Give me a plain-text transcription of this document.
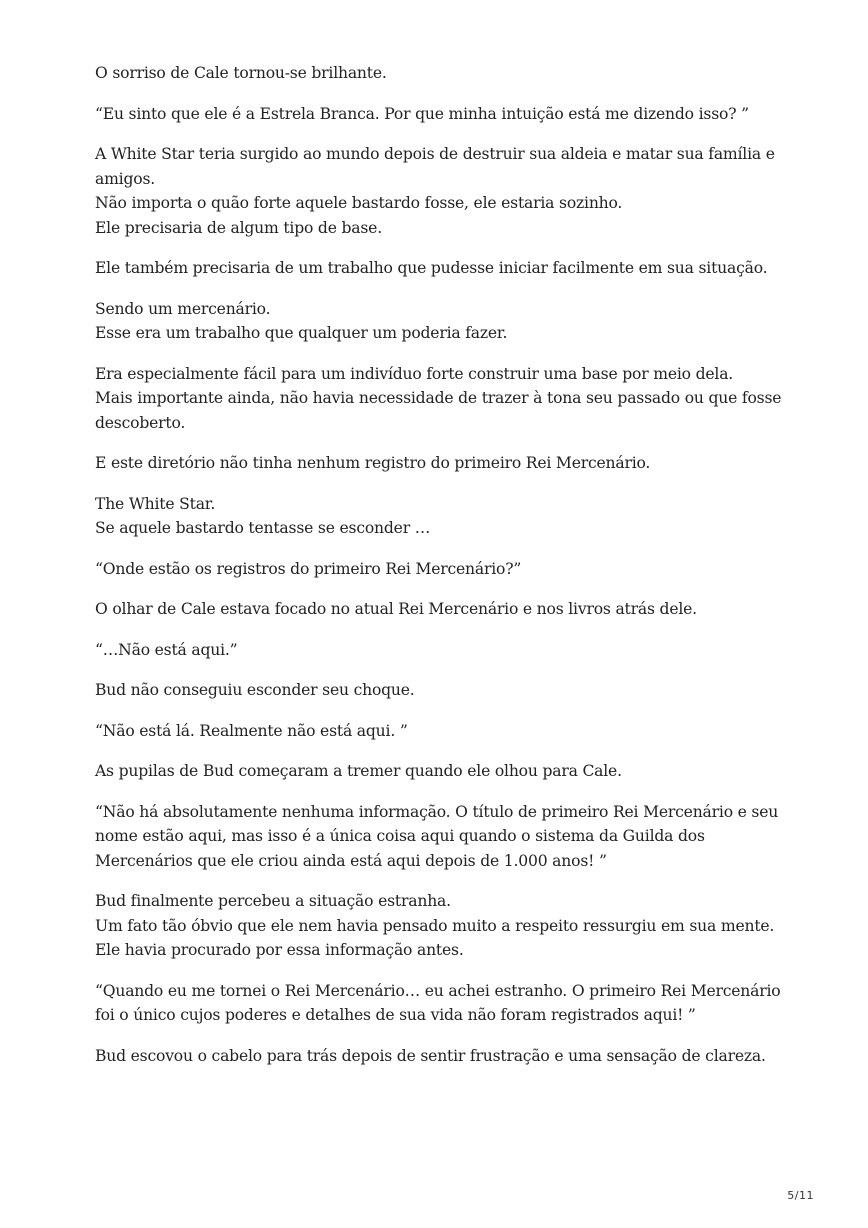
O sorriso de Cale tornou-se brilhante.

“Eu sinto que ele é a Estrela Branca. Por que minha intuição está me dizendo isso? ”

A White Star teria surgido ao mundo depois de destruir sua aldeia e matar sua família e
amigos.
Não importa o quão forte aquele bastardo fosse, ele estaria sozinho.
Ele precisaria de algum tipo de base.

Ele também precisaria de um trabalho que pudesse iniciar facilmente em sua situação.

Sendo um mercenário.
Esse era um trabalho que qualquer um poderia fazer.

Era especialmente fácil para um indivíduo forte construir uma base por meio dela.
Mais importante ainda, não havia necessidade de trazer à tona seu passado ou que fosse
descoberto.

E este diretório não tinha nenhum registro do primeiro Rei Mercenário.

The White Star.
Se aquele bastardo tentasse se esconder …

“Onde estão os registros do primeiro Rei Mercenário?”

O olhar de Cale estava focado no atual Rei Mercenário e nos livros atrás dele.

“…Não está aqui.”

Bud não conseguiu esconder seu choque.

“Não está lá. Realmente não está aqui. ”

As pupilas de Bud começaram a tremer quando ele olhou para Cale.

“Não há absolutamente nenhuma informação. O título de primeiro Rei Mercenário e seu
nome estão aqui, mas isso é a única coisa aqui quando o sistema da Guilda dos
Mercenários que ele criou ainda está aqui depois de 1.000 anos! ”

Bud finalmente percebeu a situação estranha.
Um fato tão óbvio que ele nem havia pensado muito a respeito ressurgiu em sua mente.
Ele havia procurado por essa informação antes.

“Quando eu me tornei o Rei Mercenário… eu achei estranho. O primeiro Rei Mercenário
foi o único cujos poderes e detalhes de sua vida não foram registrados aqui! ”

Bud escovou o cabelo para trás depois de sentir frustração e uma sensação de clareza.

5/11
